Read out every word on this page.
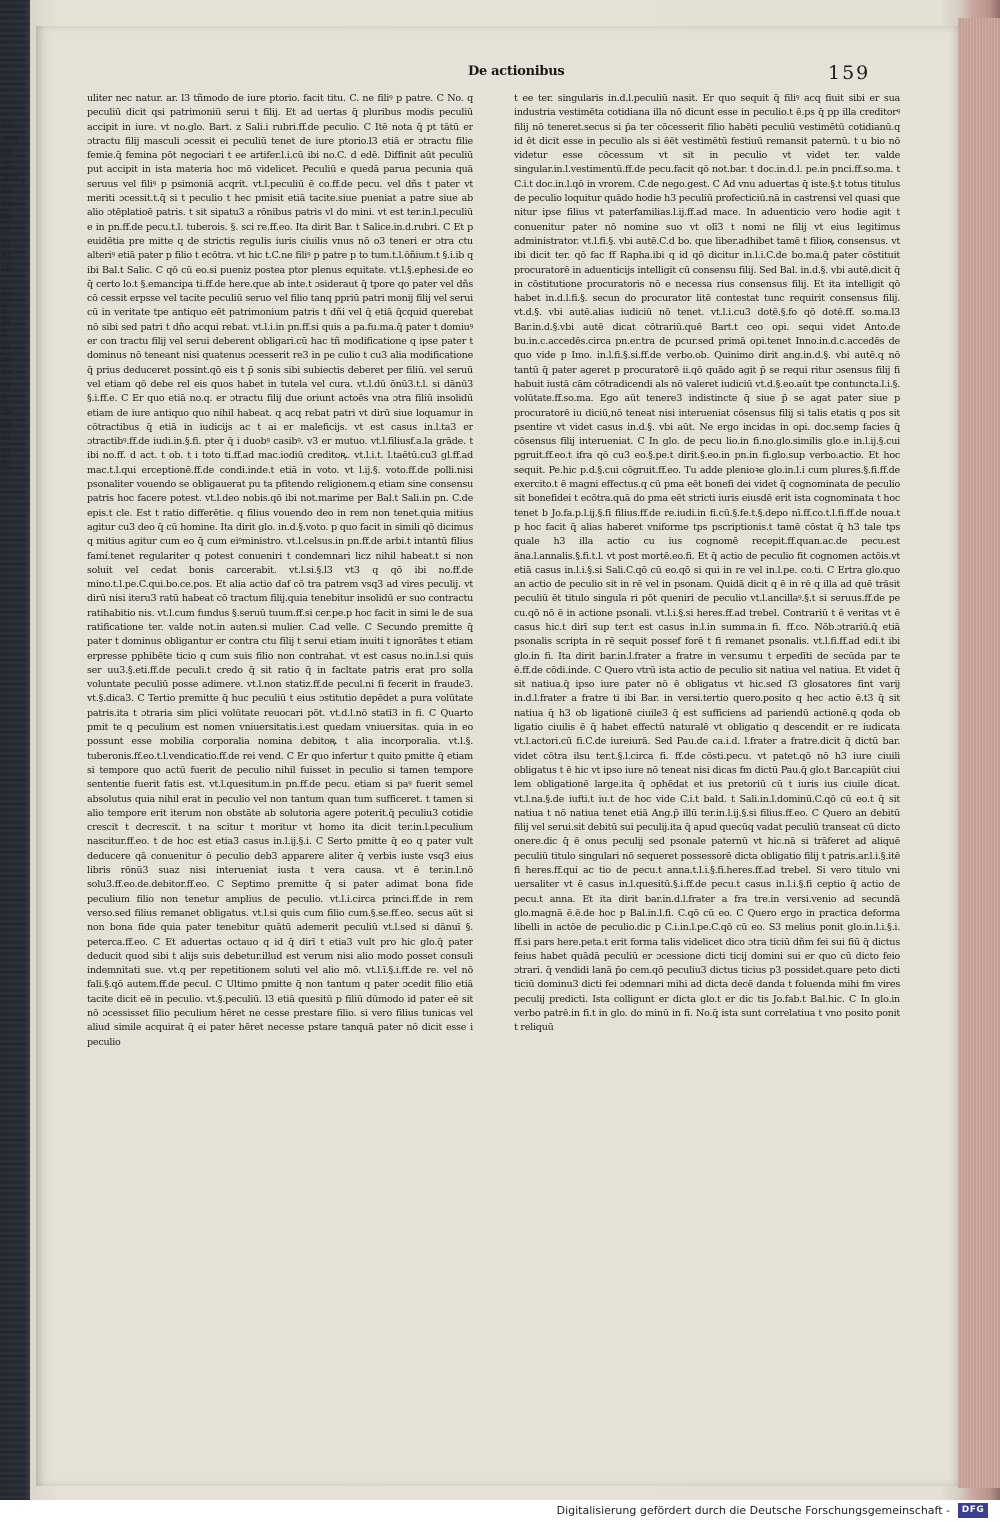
ulti
ɔtro
do
ʒu
ɔtra
an
tus
ra
re
ia
er
rie

no
it
la
ti
m
re
ue
ur
li
de
de
or
ia
fo

De actionibus	159

uliter nec natur. ar. l3 tñmodo de iure ptorio. facit titu. C. ne filiꝰ p patre. C No. q peculiū dicit qsi patrimoniū serui t filij. Et ad uertas q̄ pluribus modis peculiū accipit in iure. vt no.glo. Bart. z Sali.i rubri.ff.de peculio. C Itē nota q̄ pt tātū er ɔtractu filij masculi ɔcessit ei peculiū tenet de iure ptorio.l3 etiā er ɔtractu filie femie.q̄ femina pōt negociari t ee artifer.l.i.cū ibi no.C. d edē. Diffinit aūt peculiū put accipit in ista materia hoc mō videlicet. Peculiū e quedā parua pecunia quā seruus vel filiꝰ p psimoniā acqrit. vt.l.peculiū ē co.ff.de pecu. vel dñs t pater vt meriti ɔcessit.t.q̄ si t peculio t hec pmisit etiā tacite.siue pueniat a patre siue ab alio ɔtēplatioē patris. t sit sipatu3 a rōnibus patris vl do mini. vt est ter.in.l.peculiū e in pn.ff.de pecu.t.l. tuberois. §. sci re.ff.eo. Ita dirit Bar. t Salice.in.d.rubri. C Et p euidētia pre mitte q de strictis regulis iuris ciuilis vnus nō o3 teneri er ɔtra ctu alteriꝰ etiā pater p filio t ecōtra. vt hic t.C.ne filiꝰ p patre p to tum.t.l.ōñium.t §.i.ib q ibi Bal.t Salic. C qō cū eo.si pueniz postea ptor plenus equitate. vt.l.§.ephesi.de eo q̄ certo lo.t §.emancipa ti.ff.de here.que ab inte.t ɔsideraut q̄ tpore qo pater vel dñs cō cessit erpsse vel tacite peculiū seruo vel filio tanq ppriū patri monij filij vel serui cū in veritate tpe antiquo eēt patrimonium patris t dñi vel q̄ etiā q̄cquid querebat nō sibi sed patri t dño acqui rebat. vt.l.i.in pn.ff.si quis a pa.fu.ma.q̄ pater t domiuꝰ er con tractu filij vel serui deberent obligari.cū hac tñ modificatione q ipse pater t dominus nō teneant nisi quatenus ɔcesserit re3 in pe culio t cu3 alia modificatione q̄ prius deduceret possint.qō eis t p̄ sonis sibi subiectis deberet per filiū. vel seruū vel etiam qō debe rel eis quos habet in tutela vel cura. vt.l.dū ōnū3.t.l. si dānū3 §.i.ff.e. C Er quo etiā no.q. er ɔtractu filij due oriunt actoēs vna ɔtra filiū insolidū etiam de iure antiquo quo nihil habeat. q acq rebat patri vt dirū siue loquamur in cōtractibus q̄ etiā in iudicijs ac t ai er maleficijs. vt est casus in.l.ta3 er ɔtractibꝰ.ff.de iudi.in.§.fi. pter q̄ i duobꝰ casibꝰ. v3 er mutuo. vt.l.filiusf.a.la grāde. t ibi no.ff. d act. t ob. t i toto ti.ff.ad mac.iodiū creditoꝶ. vt.l.i.t. l.taētū.cu3 gl.ff.ad mac.t.l.qui erceptionē.ff.de condi.inde.t etiā in voto. vt l.ij.§. voto.ff.de polli.nisi psonaliter vouendo se obligauerat pu ta pfitendo religionem.q etiam sine consensu patris hoc facere potest. vt.l.deo nobis.qō ibi not.marime per Bal.t Sali.in pn. C.de epis.t cle. Est t ratio differētie. q filius vouendo deo in rem non tenet.quia mitius agitur cu3 deo q̄ cū homine. Ita dirit glo. in.d.§.voto. p quo facit in simili qō dicimus q mitius agitur cum eo q̄ cum eiꝰministro. vt.l.celsus.in pn.ff.de arbi.t intantū filius famí.tenet regulariter q potest conueniri t condemnari licz nihil habeat.t si non soluit vel cedat bonis carcerabit. vt.l.si.§.l3 vt3 q qō ibi no.ff.de mino.t.l.pe.C.qui.bo.ce.pos. Et alia actio daf cō tra patrem vsq3 ad vires peculij. vt dirū nisi iteru3 ratū habeat cō tractum filij.quia tenebitur insolidū er suo contractu ratihabitio nis. vt.l.cum fundus §.seruū tuum.ff.si cer.pe.p hoc facit in simi le de sua ratificatione ter. valde not.in auten.si mulier. C.ad velle. C Secundo premitte q̄ pater t dominus obligantur er contra ctu filij t serui etiam inuiti t ignorātes t etiam erpresse pphibēte ticio q cum suis filio non contrahat. vt est casus no.in.l.si quis ser uu3.§.eti.ff.de peculi.t credo q̄ sit ratio q̄ in facltate patris erat pro solla voluntate peculiū posse adimere. vt.l.non statiz.ff.de pecul.ni fi fecerit in fraude3. vt.§.dica3. C Tertio premitte q̄ huc peculiū t eius ɔstitutio depēdet a pura volūtate patris.ita t ɔtraria sim plici volūtate reuocari pōt. vt.d.l.nō statī3 in fi. C Quarto pmit te q peculium est nomen vniuersitatis.i.est quedam vniuersitas. quia in eo possunt esse mobilia corporalia nomina debitoꝶ t alia incorporalia. vt.l.§. tuberonis.ff.eo.t.l.vendicatio.ff.de rei vend. C Er quo infertur t quito pmitte q̄ etiam si tempore quo actū fuerit de peculio nihil fuisset in peculio si tamen tempore sententie fuerit fatis est. vt.l.quesitum.in pn.ff.de pecu. etiam si paꝰ fuerit semel absolutus quia nihil erat in peculio vel non tantum quan tum sufficeret. t tamen si alio tempore erit iterum non obstāte ab solutoria agere poterit.q̄ peculiu3 cotidie crescit t decrescit. t na scitur t moritur vt homo ita dicit ter.in.l.peculium nascitur.ff.eo. t de hoc est etia3 casus in.l.ij.§.i. C Serto pmitte q̄ eo q pater vult deducere qā conuenitur ō peculio deb3 apparere aliter q̄ verbis iuste vsq3 eius libris rōnū3 suaz nisi interueniat iusta t vera causa. vt ē ter.in.l.nō solu3.ff.eo.de.debitor.ff.eo. C Septimo premitte q̄ si pater adimat bona fide peculium filio non tenetur amplius de peculio. vt.l.i.circa princi.ff.de in rem verso.sed filius remanet obligatus. vt.l.si quis cum filio cum.§.se.ff.eo. secus aūt si non bona fide quia pater tenebitur quātū ademerit peculiū vt.l.sed si dānuī §. peterca.ff.eo. C Et aduertas octauo q id q̄ dirī t etia3 vult pro hic glo.q̄ pater deducit quod sibi t alijs suis debetur.illud est verum nisi alio modo posset consuli indemnitati sue. vt.q per repetitionem soluti vel alio mō. vt.l.ī.§.i.ff.de re. vel nō fali.§.qō autem.ff.de pecul. C Ultimo pmitte q̄ non tantum q pater ɔcedit filio etiā tacite dicit eē in peculio. vt.§.peculiū. l3 etiā quesitū p filiū dūmodo id pater eē sit nō ɔcessisset filio peculium hēret ne cesse prestare filio. si vero filius tunicas vel aliud simile acquirat q̄ ei pater hēret necesse pstare tanquā pater nō dicit esse i peculio

t ee ter. singularis in.d.l.peculiū nasit. Er quo sequit q̄ filiꝰ acq fiuit sibi er sua industria vestimēta cotidiana illa nō dicunt esse in peculio.t ē.ps q̄ pp illa creditorꝰ filij nō teneret.secus si p̄a ter cōcesserit filio habēti peculiū vestimētū cotidianū.q id ēt dicit esse in peculio als si ēēt vestimētū festiuū remansit paternū. t u bio nō videtur esse cōcessum vt sit in peculio vt videt ter. valde singular.in.l.vestimentū.ff.de pecu.facit qō not.bar. t doc.in.d.l. pe.in pnci.ff.so.ma. t C.i.t doc.in.l.qō in vrorem. C.de nego.gest. C Ad vnu aduertas q̄ iste.§.t totus titulus de peculio loquitur quādo hodie h3 peculiū profecticiū.nā in castrensi vel quasi que nitur ipse filius vt paterfamilias.l.ij.ff.ad mace. In aduenticio vero hodie agit t conuenitur pater nō nomine suo vt olī3 t nomi ne filij vt eius legitimus administrator. vt.l.fi.§. vbi autē.C.d bo. que liber.adhibet tamē t filioꝶ consensus. vt ibi dicit ter. qō fac ff Rapha.ibi q id qō dicitur in.l.i.C.de bo.ma.q̄ pater cōstituit procuratorē in aduenticijs intelligit cū consensu filij. Sed Bal. in.d.§. vbi autē.dicit q̄ in cōstitutione procuratoris nō e necessa rius consensus filij. Et ita intelligit qō habet in.d.l.fi.§. secun do procurator litē contestat tunc requirit consensus filij. vt.d.§. vbi autē.alias iudiciū nō tenet. vt.l.i.cu3 dotē.§.fo qō dotē.ff. so.ma.l3 Bar.in.d.§.vbi autē dicat cōtrariū.quē Bart.t ceo opi. sequi videt Anto.de bu.in.c.accedēs.circa pn.er.tra de pcur.sed primā opi.tenet Inno.in.d.c.accedēs de quo vide p Imo. in.l.fi.§.si.ff.de verbo.ob. Quinimo dirit ang.in.d.§. vbi autē.q nō tantū q̄ pater ageret p procuratorē ii.qō quādo agit p̄ se requi ritur ɔsensus filij fi habuit iustā cām cōtradicendi als nō valeret iudiciū vt.d.§.eo.aūt tpe contuncta.l.i.§. volūtate.ff.so.ma. Ego aūt tenere3 indistincte q̄ siue p̄ se agat pater siue p procuratorē iu diciū,nō teneat nisi interueniat cōsensus filij si talis etatis q pos sit psentire vt videt casus in.d.§. vbi aūt. Ne ergo incidas in opi. doc.semp facies q̄ cōsensus filij interueniat. C In glo. de pecu lio.in fi.no.glo.similis glo.e in.l.ij.§.cui pgruit.ff.eo.t ifra qō cu3 eo.§.pe.t dirit.§.eo.in pn.in fi.glo.sup verbo.actio. Et hoc sequit. Pe.hic p.d.§.cui cōgruit.ff.eo. Tu adde plenioꝛe glo.in.l.i cum plures.§.fi.ff.de exercito.t ē magni effectus.q cū pma eēt bonefi dei videt q̄ cognominata de peculio sit bonefidei t ecōtra.quā do pma eēt stricti iuris eiusdē erit ista cognominata t hoc tenet b Jo.fa.p.l.ij.§.fi filius.ff.de re.iudi.in fi.cū.§.fe.t.§.depo nī.ff.co.t.l.fi.ff.de noua.t p hoc facit q̄ alias haberet vniforme tps pscriptionis.t tamē cōstat q̄ h3 tale tps quale h3 illa actio cu ius cognomē recepit.ff.quan.ac.de pecu.est āna.l.annalis.§.fi.t.l. vt post mortē.eo.fi. Et q̄ actio de peculio fit cognomen actōis.vt etiā casus in.l.i.§.si Sali.C.qō cū eo.qō si qui in re vel in.l.pe. co.ti. C Ertra glo.quo an actio de peculio sit in rē vel in psonam. Quidā dicit q ē in rē q illa ad quē trāsit peculiū ēt titulo singula ri pōt queniri de peculio vt.l.ancillaꝰ.§.t si seruus.ff.de pe cu.qō nō ē in actione psonali. vt.l.i.§.si heres.ff.ad trebel. Contrariū t ē veritas vt ē casus hic.t dirī sup ter.t est casus in.l.in summa.in fi. ff.co. Nōb.ɔtrariū.q̄ etiā psonalis scripta in rē sequit possef forē t fi remanet psonalis. vt.l.fi.ff.ad edi.t ibi glo.in fi. Ita dirit bar.in.l.frater a fratre in ver.sumu t erpedīti de secūda par te ē.ff.de cōdi.inde. C Quero vtrū ista actio de peculio sit natiua vel natiua. Et videt q̄ sit natiua.q̄ ipso iure pater nō ē obligatus vt hic.sed ſ3 glosatores fint varij in.d.l.frater a fratre ti ibi Bar. in versi.tertio quero.posito q hec actio ē.t3 q̄ sit natiua q̄ h3 ob ligationē ciuile3 q̄ est sufficiens ad pariendū actionē.q qoda ob ligatio ciuilis ē q̄ habet effectū naturalē vt obligatio q descendit er re iudicata vt.l.actori.cū fi.C.de iureiurā. Sed Pau.de ca.i.d. l.frater a fratre.dicit q̄ dictū bar. videt cōtra ilsu ter.t.§.l.circa fi. ff.de cōsti.pecu. vt patet.qō nō h3 iure ciuili obligatus t ē hic vt ipso iure nō teneat nisi dicas fm dictū Pau.q̄ glo.t Bar.capiūt ciui lem obligationē large.ita q̄ ɔphēdat et ius pretoriū cū t iuris ius ciuile dicat. vt.l.na.§.de iufti.t iu.t de hoc vide C.i.t bald. t Sali.in.l.dominū.C.qō cū eo.t q̄ sit natiua t nō natiua tenet etiā Ang.p̄ illū ter.in.l.ij.§.si filius.ff.eo. C Quero an debitū filij vel serui.sit debitū sui peculij.ita q̄ apud quecūq vadat peculiū transeat cū dicto onere.dic q̄ ē onus peculij sed psonale paternū vt hic.nā si trāferet ad aliquē peculiū titulo singulari nō sequeret possessorē dicta obligatio filij t patris.ar.l.i.§.itē fi heres.ff.qui ac tio de pecu.t anna.t.l.i.§.fi.heres.ff.ad trebel. Si vero titulo vni uersaliter vt ē casus in.l.quesitū.§.i.ff.de pecu.t casus in.l.i.§.fi ceptio q̄ actio de pecu.t anna. Et ita dirit bar.in.d.l.frater a fra tre.in versi.venio ad secundā glo.magnā ē.ē.de hoc p Bal.in.l.fi. C.qō cū eo. C Quero ergo in practica deforma libelli in actōe de peculio.dic p C.i.in.l.pe.C.qō cū eo. S3 melius ponit glo.in.l.i.§.i. ff.si pars here.peta.t erit forma talis videlicet dico ɔtra ticiū dñm fei sui fiū q̄ dictus feius habet quādā peculiū er ɔcessione dicti ticij domini sui er quo cū dicto feio ɔtrari. q̄ vendidi lanā p̄o cem.qō peculiu3 dictus ticius p3 possidet.quare peto dicti ticiū dominu3 dicti fei ɔdemnari mihi ad dicta decē danda t foluenda mihi fm vires peculij predicti. Ista colligunt er dicta glo.t er dic tis Jo.fab.t Bal.hic. C In glo.in verbo patrē.in fi.t in glo. do minū in fi. No.q̄ ista sunt correlatiua t vno posito ponit t reliquū

Digitalisierung gefördert durch die Deutsche Forschungsgemeinschaft -	DFG
